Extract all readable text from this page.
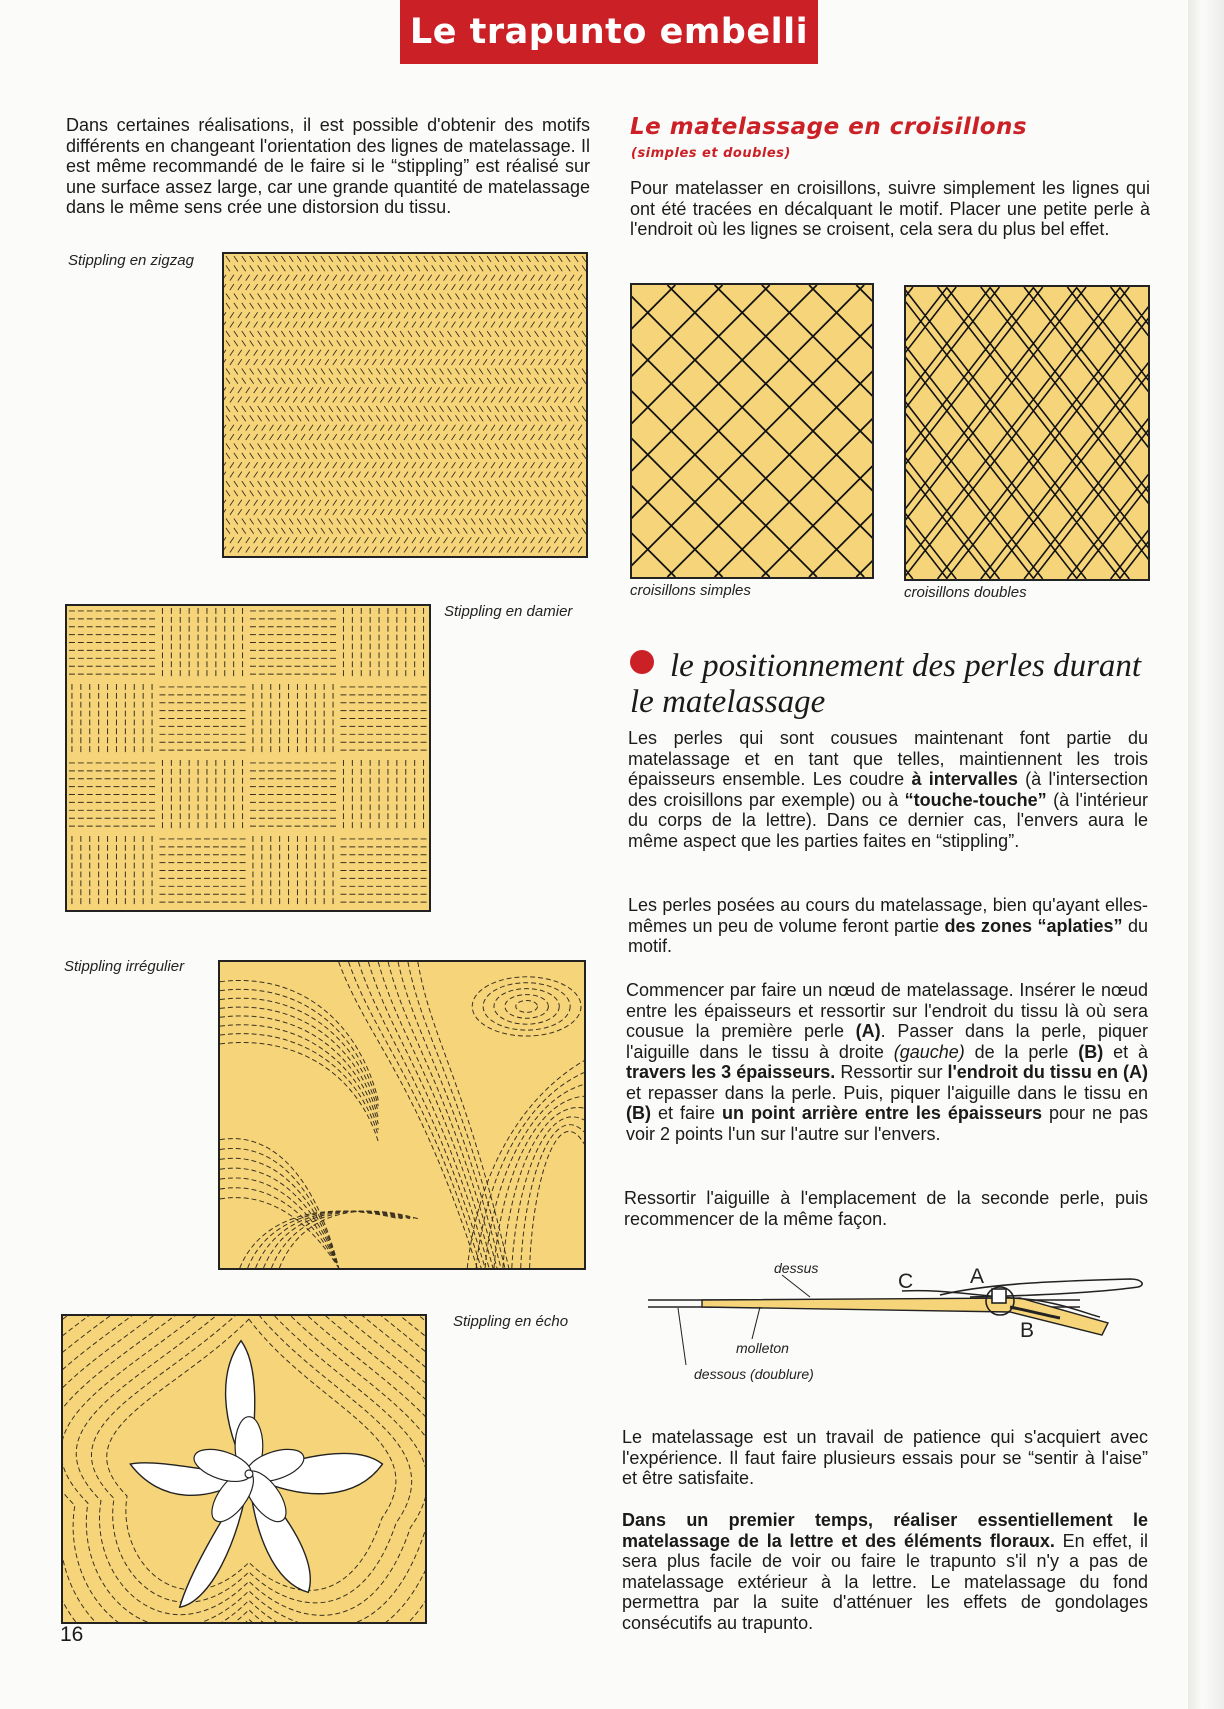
Le trapunto embelli

Dans certaines réalisations, il est possible d'obtenir des motifs différents en changeant l'orientation des lignes de matelassage. Il est même recommandé de le faire si le “stippling” est réalisé sur une surface assez large, car une grande quantité de matelassage dans le même sens crée une distorsion du tissu.

Stippling en zigzag
Stippling en damier
Stippling irrégulier
Stippling en écho
16
Le matelassage en croisillons
(simples et doubles)

Pour matelasser en croisillons, suivre simplement les lignes qui ont été tracées en décalquant le motif. Placer une petite perle à l'endroit où les lignes se croisent, cela sera du plus bel effet.

croisillons simples	croisillons doubles
le positionnement des perles durant le matelassage

Les perles qui sont cousues maintenant font partie du matelassage et en tant que telles, maintiennent les trois épaisseurs ensemble. Les coudre à intervalles (à l'intersection des croisillons par exemple) ou à “touche-touche” (à l'intérieur du corps de la lettre). Dans ce dernier cas, l'envers aura le même aspect que les parties faites en “stippling”.

Les perles posées au cours du matelassage, bien qu'ayant elles-mêmes un peu de volume feront partie des zones “aplaties” du motif.

Commencer par faire un nœud de matelassage. Insérer le nœud entre les épaisseurs et ressortir sur l'endroit du tissu là où sera cousue la première perle (A). Passer dans la perle, piquer l'aiguille dans le tissu à droite (gauche) de la perle (B) et à travers les 3 épaisseurs. Ressortir sur l'endroit du tissu en (A) et repasser dans la perle. Puis, piquer l'aiguille dans le tissu en (B) et faire un point arrière entre les épaisseurs pour ne pas voir 2 points l'un sur l'autre sur l'envers.

Ressortir l'aiguille à l'emplacement de la seconde perle, puis recommencer de la même façon.

dessus
C	A
B
molleton
dessous (doublure)

Le matelassage est un travail de patience qui s'acquiert avec l'expérience. Il faut faire plusieurs essais pour se “sentir à l'aise” et être satisfaite.

Dans un premier temps, réaliser essentiellement le matelassage de la lettre et des éléments floraux. En effet, il sera plus facile de voir ou faire le trapunto s'il n'y a pas de matelassage extérieur à la lettre. Le matelassage du fond permettra par la suite d'atténuer les effets de gondolages consécutifs au trapunto.
